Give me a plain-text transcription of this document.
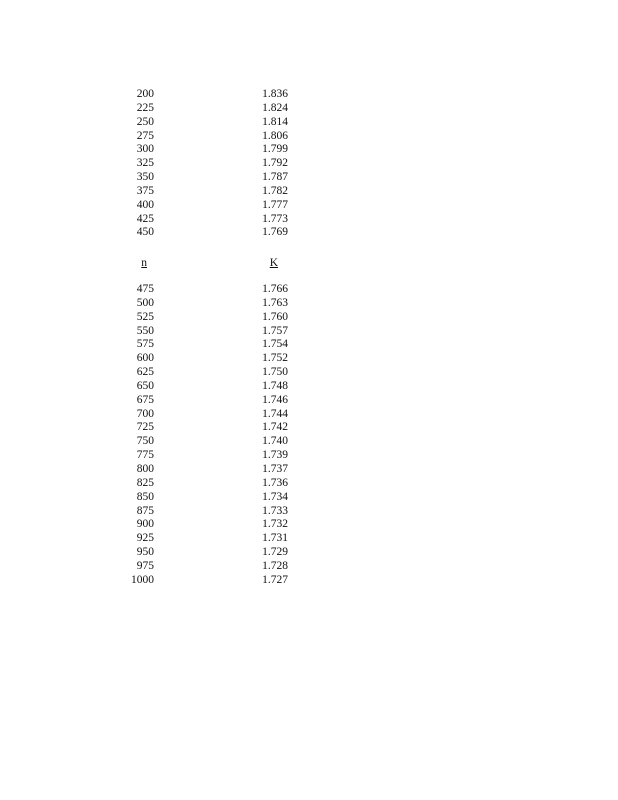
200	1.836
225	1.824
250	1.814
275	1.806
300	1.799
325	1.792
350	1.787
375	1.782
400	1.777
425	1.773
450	1.769
n	K
475	1.766
500	1.763
525	1.760
550	1.757
575	1.754
600	1.752
625	1.750
650	1.748
675	1.746
700	1.744
725	1.742
750	1.740
775	1.739
800	1.737
825	1.736
850	1.734
875	1.733
900	1.732
925	1.731
950	1.729
975	1.728
1000	1.727
